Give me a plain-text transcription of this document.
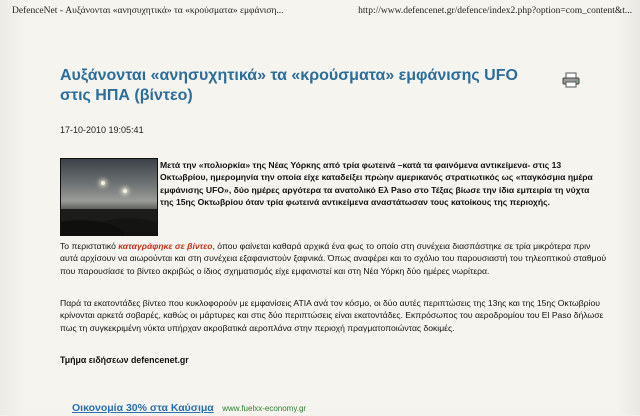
DefenceNet - Αυξάνονται «ανησυχητικά» τα «κρούσματα» εμφάνιση...	http://www.defencenet.gr/defence/index2.php?option=com_content&t...
Αυξάνονται «ανησυχητικά» τα «κρούσματα» εμφάνισης UFO στις ΗΠΑ (βίντεο)
17-10-2010 19:05:41
Μετά την «πολιορκία» της Νέας Υόρκης από τρία φωτεινά –κατά τα φαινόμενα αντικείμενα- στις 13 Οκτωβρίου, ημερομηνία την οποία είχε καταδείξει πρώην αμερικανός στρατιωτικός ως «παγκόσμια ημέρα εμφάνισης UFO», δύο ημέρες αργότερα τα ανατολικό Ελ Paso στο Τέξας βίωσε την ίδια εμπειρία τη νύχτα της 15ης Οκτωβρίου όταν τρία φωτεινά αντικείμενα αναστάτωσαν τους κατοίκους της περιοχής.
Το περιστατικό καταγράφηκε σε βίντεο, όπου φαίνεται καθαρά αρχικά ένα φως το οποίο στη συνέχεια διασπάστηκε σε τρία μικρότερα πριν αυτά αρχίσουν να αιωρούνται και στη συνέχεια εξαφανιστούν ξαφνικά. Όπως αναφέρει και το σχόλιο του παρουσιαστή του τηλεοπτικού σταθμού που παρουσίασε το βίντεο ακριβώς ο ίδιος σχηματισμός είχε εμφανιστεί και στη Νέα Υόρκη δύο ημέρες νωρίτερα.
Παρά τα εκατοντάδες βίντεο που κυκλοφορούν με εμφανίσεις ΑΤΙΑ ανά τον κόσμο, οι δύο αυτές περιπτώσεις της 13ης και της 15ης Οκτωβρίου κρίνονται αρκετά σοβαρές, καθώς οι μάρτυρες και στις δύο περιπτώσεις είναι εκατοντάδες. Εκπρόσωπος του αεροδρομίου του El Paso δήλωσε πως τη συγκεκριμένη νύκτα υπήρχαν ακροβατικά αεροπλάνα στην περιοχή πραγματοποιώντας δοκιμές.
Τμήμα ειδήσεων defencenet.gr
Οικονομία 30% στα Καύσιμα www.fuelxx-economy.gr
